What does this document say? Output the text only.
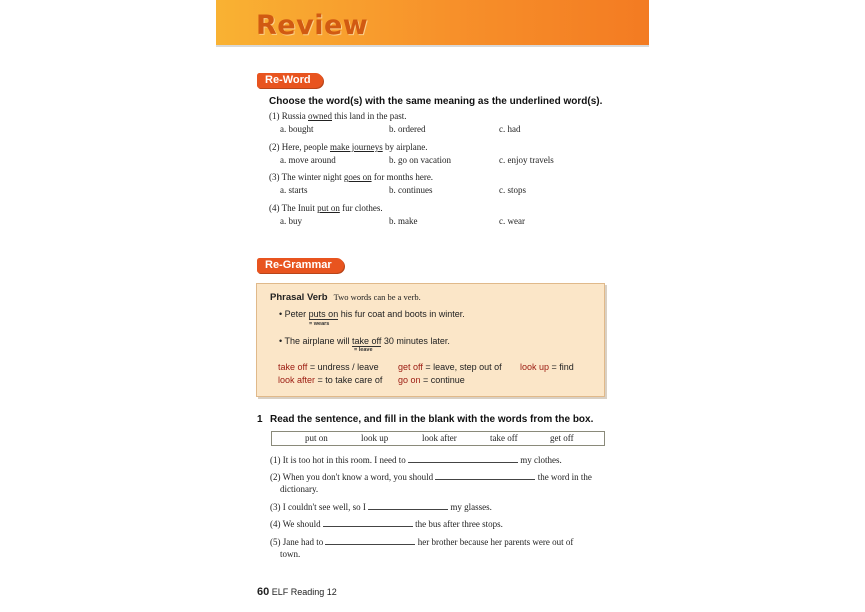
Review
Re-Word
Choose the word(s) with the same meaning as the underlined word(s).
(1) Russia owned this land in the past.
a. bought	b. ordered	c. had
(2) Here, people make journeys by airplane.
a. move around	b. go on vacation	c. enjoy travels
(3) The winter night goes on for months here.
a. starts	b. continues	c. stops
(4) The Inuit put on fur clothes.
a. buy	b. make	c. wear
Re-Grammar
Phrasal Verb Two words can be a verb.
• Peter puts on his fur coat and boots in winter.
= wears
• The airplane will take off 30 minutes later.
= leave
take off = undress / leave get off = leave, step out of look up = find
look after = to take care of go on = continue
1 Read the sentence, and fill in the blank with the words from the box.
put on	look up	look after	take off	get off
(1) It is too hot in this room. I need to	my clothes.
(2) When you don't know a word, you should	the word in the
dictionary.
(3) I couldn't see well, so I	my glasses.
(4) We should	the bus after three stops.
(5) Jane had to	her brother because her parents were out of
town.
60 ELF Reading 12
